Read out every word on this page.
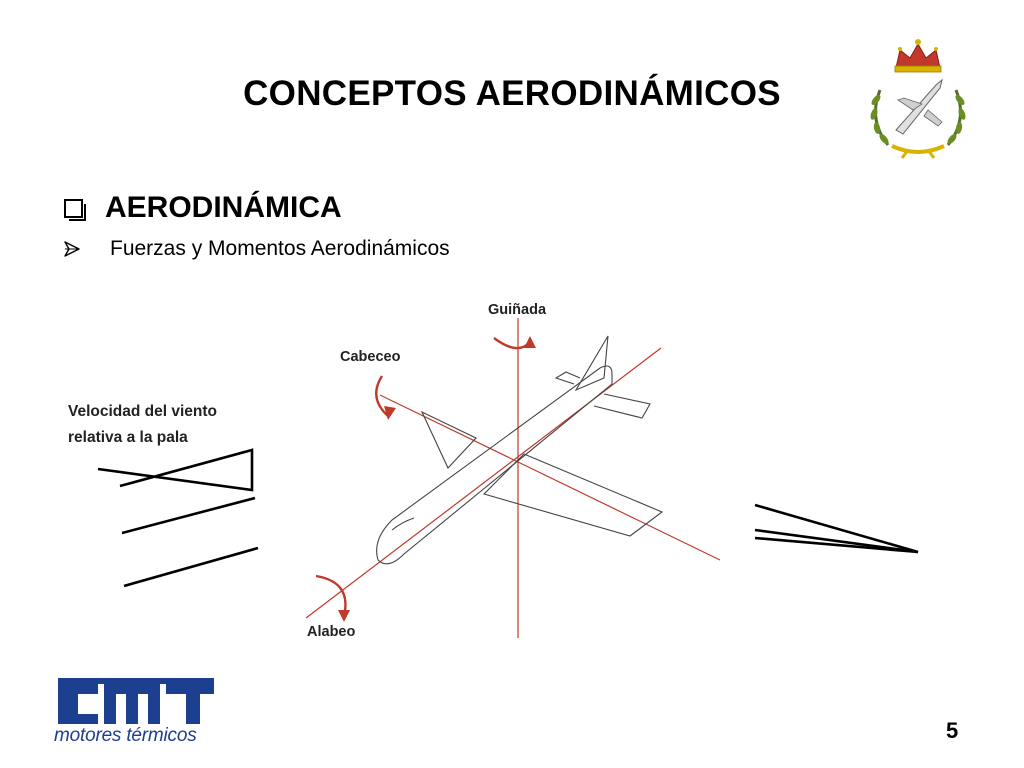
CONCEPTOS AERODINÁMICOS
AERODINÁMICA
Fuerzas y Momentos Aerodinámicos
Velocidad del viento
relativa a la pala
Guiñada
Cabeceo
Alabeo
motores térmicos	5
